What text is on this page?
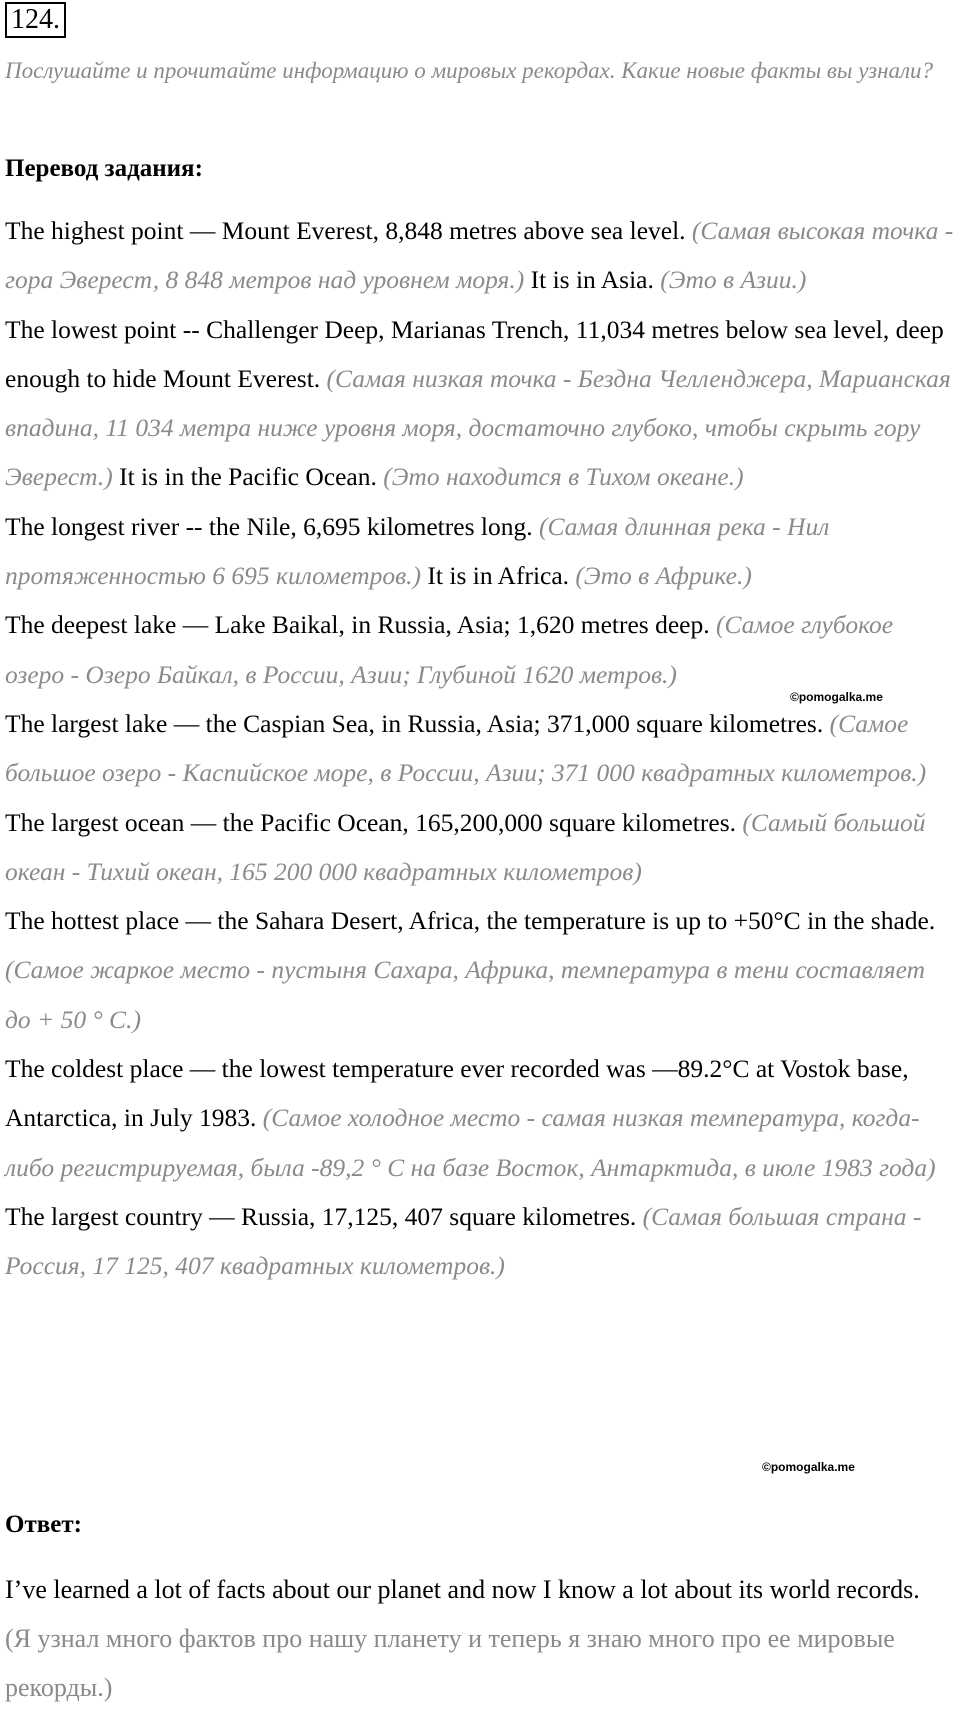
124.
Послушайте и прочитайте информацию о мировых рекордах. Какие новые факты вы узнали?
Перевод задания:

The highest point — Mount Everest, 8,848 metres above sea level. (Самая высокая точка - гора Эверест, 8 848 метров над уровнем моря.) It is in Asia. (Это в Азии.)

The lowest point -- Challenger Deep, Marianas Trench, 11,034 metres below sea level, deep enough to hide Mount Everest. (Самая низкая точка - Бездна Челленджера, Марианская впадина, 11 034 метра ниже уровня моря, достаточно глубоко, чтобы скрыть гору Эверест.) It is in the Pacific Ocean. (Это находится в Тихом океане.)

The longest river -- the Nile, 6,695 kilometres long. (Самая длинная река - Нил протяженностью 6 695 километров.) It is in Africa. (Это в Африке.)

The deepest lake — Lake Baikal, in Russia, Asia; 1,620 metres deep. (Самое глубокое озеро - Озеро Байкал, в России, Азии; Глубиной 1620 метров.)

The largest lake — the Caspian Sea, in Russia, Asia; 371,000 square kilometres. (Самое большое озеро - Каспийское море, в России, Азии; 371 000 квадратных километров.)

The largest ocean — the Pacific Ocean, 165,200,000 square kilometres. (Самый большой океан - Тихий океан, 165 200 000 квадратных километров)

The hottest place — the Sahara Desert, Africa, the temperature is up to +50°C in the shade. (Самое жаркое место - пустыня Сахара, Африка, температура в тени составляет до + 50 ° С.)

The coldest place — the lowest temperature ever recorded was —89.2°C at Vostok base, Antarctica, in July 1983. (Самое холодное место - самая низкая температура, когда-либо регистрируемая, была -89,2 ° С на базе Восток, Антарктида, в июле 1983 года)

The largest country — Russia, 17,125, 407 square kilometres. (Самая большая страна - Россия, 17 125, 407 квадратных километров.)

©pomogalka.me
©pomogalka.me
Ответ:
I’ve learned a lot of facts about our planet and now I know a lot about its world records. (Я узнал много фактов про нашу планету и теперь я знаю много про ее мировые рекорды.)
